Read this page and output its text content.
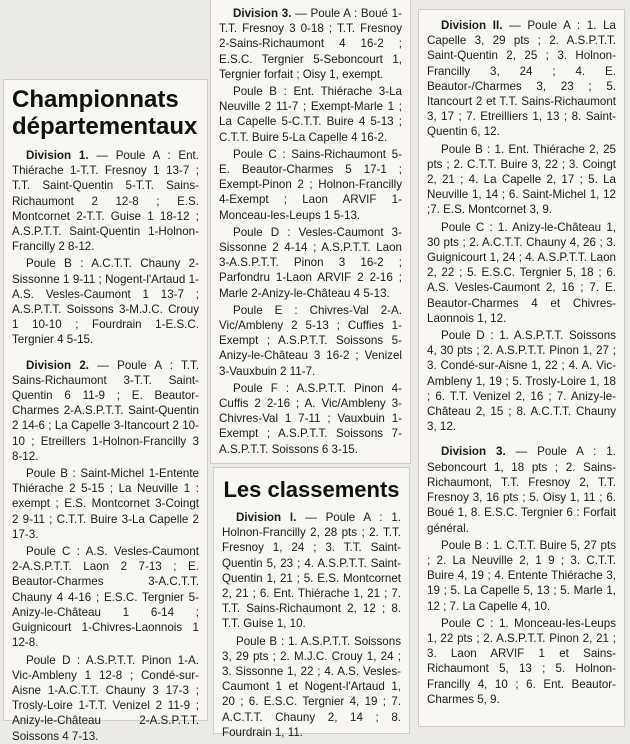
Championnats départementaux

Division 1. — Poule A : Ent. Thiérache 1-T.T. Fresnoy 1 13-7 ; T.T. Saint-Quentin 5-T.T. Sains-Richaumont 2 12-8 ; E.S. Montcornet 2-T.T. Guise 1 18-12 ; A.S.P.T.T. Saint-Quentin 1-Holnon-Francilly 2 8-12.

Poule B : A.C.T.T. Chauny 2-Sissonne 1 9-11 ; Nogent-l'Artaud 1-A.S. Vesles-Caumont 1 13-7 ; A.S.P.T.T. Soissons 3-M.J.C. Crouy 1 10-10 ; Fourdrain 1-E.S.C. Tergnier 4 5-15.

Division 2. — Poule A : T.T. Sains-Richaumont 3-T.T. Saint-Quentin 6 11-9 ; E. Beautor-Charmes 2-A.S.P.T.T. Saint-Quentin 2 14-6 ; La Capelle 3-Itancourt 2 10-10 ; Etreillers 1-Holnon-Francilly 3 8-12.

Poule B : Saint-Michel 1-Entente Thiérache 2 5-15 ; La Neuville 1 : exempt ; E.S. Montcornet 3-Coingt 2 9-11 ; C.T.T. Buire 3-La Capelle 2 17-3.

Poule C : A.S. Vesles-Caumont 2-A.S.P.T.T. Laon 2 7-13 ; E. Beautor-Charmes 3-A.C.T.T. Chauny 4 4-16 ; E.S.C. Tergnier 5-Anizy-le-Château 1 6-14 ; Guignicourt 1-Chivres-Laonnois 1 12-8.

Poule D : A.S.P.T.T. Pinon 1-A. Vic-Ambleny 1 12-8 ; Condé-sur-Aisne 1-A.C.T.T. Chauny 3 17-3 ; Trosly-Loire 1-T.T. Venizel 2 11-9 ; Anizy-le-Château 2-A.S.P.T.T. Soissons 4 7-13.

Division 3. — Poule A : Boué 1-T.T. Fresnoy 3 0-18 ; T.T. Fresnoy 2-Sains-Richaumont 4 16-2 ; E.S.C. Tergnier 5-Seboncourt 1, Tergnier forfait ; Oisy 1, exempt.

Poule B : Ent. Thiérache 3-La Neuville 2 11-7 ; Exempt-Marle 1 ; La Capelle 5-C.T.T. Buire 4 5-13 ; C.T.T. Buire 5-La Capelle 4 16-2.

Poule C : Sains-Richaumont 5-E. Beautor-Charmes 5 17-1 ; Exempt-Pinon 2 ; Holnon-Francilly 4-Exempt ; Laon ARVIF 1-Monceau-les-Leups 1 5-13.

Poule D : Vesles-Caumont 3-Sissonne 2 4-14 ; A.S.P.T.T. Laon 3-A.S.P.T.T. Pinon 3 16-2 ; Parfondru 1-Laon ARVIF 2 2-16 ; Marle 2-Anizy-le-Château 4 5-13.

Poule E : Chivres-Val 2-A. Vic/Ambleny 2 5-13 ; Cuffies 1-Exempt ; A.S.P.T.T. Soissons 5-Anizy-le-Château 3 16-2 ; Venizel 3-Vauxbuin 2 11-7.

Poule F : A.S.P.T.T. Pinon 4-Cuffis 2 2-16 ; A. Vic/Ambleny 3-Chivres-Val 1 7-11 ; Vauxbuin 1-Exempt ; A.S.P.T.T. Soissons 7-A.S.P.T.T. Soissons 6 3-15.

Les classements

Division I. — Poule A : 1. Holnon-Francilly 2, 28 pts ; 2. T.T. Fresnoy 1, 24 ; 3. T.T. Saint-Quentin 5, 23 ; 4. A.S.P.T.T. Saint-Quentin 1, 21 ; 5. E.S. Montcornet 2, 21 ; 6. Ent. Thiérache 1, 21 ; 7. T.T. Sains-Richaumont 2, 12 ; 8. T.T. Guise 1, 10.

Poule B : 1. A.S.P.T.T. Soissons 3, 29 pts ; 2. M.J.C. Crouy 1, 24 ; 3. Sissonne 1, 22 ; 4. A.S. Vesles-Caumont 1 et Nogent-l'Artaud 1, 20 ; 6. E.S.C. Tergnier 4, 19 ; 7. A.C.T.T. Chauny 2, 14 ; 8. Fourdrain 1, 11.

Division II. — Poule A : 1. La Capelle 3, 29 pts ; 2. A.S.P.T.T. Saint-Quentin 2, 25 ; 3. Holnon-Francilly 3, 24 ; 4. E. Beautor-/Charmes 3, 23 ; 5. Itancourt 2 et T.T. Sains-Richaumont 3, 17 ; 7. Etreilliers 1, 13 ; 8. Saint-Quentin 6, 12.

Poule B : 1. Ent. Thiérache 2, 25 pts ; 2. C.T.T. Buire 3, 22 ; 3. Coingt 2, 21 ; 4. La Capelle 2, 17 ; 5. La Neuville 1, 14 ; 6. Saint-Michel 1, 12 ;7. E.S. Montcornet 3, 9.

Poule C : 1. Anizy-le-Château 1, 30 pts ; 2. A.C.T.T. Chauny 4, 26 ; 3. Guignicourt 1, 24 ; 4. A.S.P.T.T. Laon 2, 22 ; 5. E.S.C. Tergnier 5, 18 ; 6. A.S. Vesles-Caumont 2, 16 ; 7. E. Beautor-Charmes 4 et Chivres-Laonnois 1, 12.

Poule D : 1. A.S.P.T.T. Soissons 4, 30 pts ; 2. A.S.P.T.T. Pinon 1, 27 ; 3. Condé-sur-Aisne 1, 22 ; 4. A. Vic-Ambleny 1, 19 ; 5. Trosly-Loire 1, 18 ; 6. T.T. Venizel 2, 16 ; 7. Anizy-le-Château 2, 15 ; 8. A.C.T.T. Chauny 3, 12.

Division 3. — Poule A : 1. Seboncourt 1, 18 pts ; 2. Sains-Richaumont, T.T. Fresnoy 2, T.T. Fresnoy 3, 16 pts ; 5. Oisy 1, 11 ; 6. Boué 1, 8. E.S.C. Tergnier 6 : Forfait général.

Poule B : 1. C.T.T. Buire 5, 27 pts ; 2. La Neuville 2, 1 9 ; 3. C.T.T. Buire 4, 19 ; 4. Entente Thiérache 3, 19 ; 5. La Capelle 5, 13 ; 5. Marle 1, 12 ; 7. La Capelle 4, 10.

Poule C : 1. Monceau-les-Leups 1, 22 pts ; 2. A.S.P.T.T. Pinon 2, 21 ; 3. Laon ARVIF 1 et Sains-Richaumont 5, 13 ; 5. Holnon-Francilly 4, 10 ; 6. Ent. Beautor-Charmes 5, 9.
